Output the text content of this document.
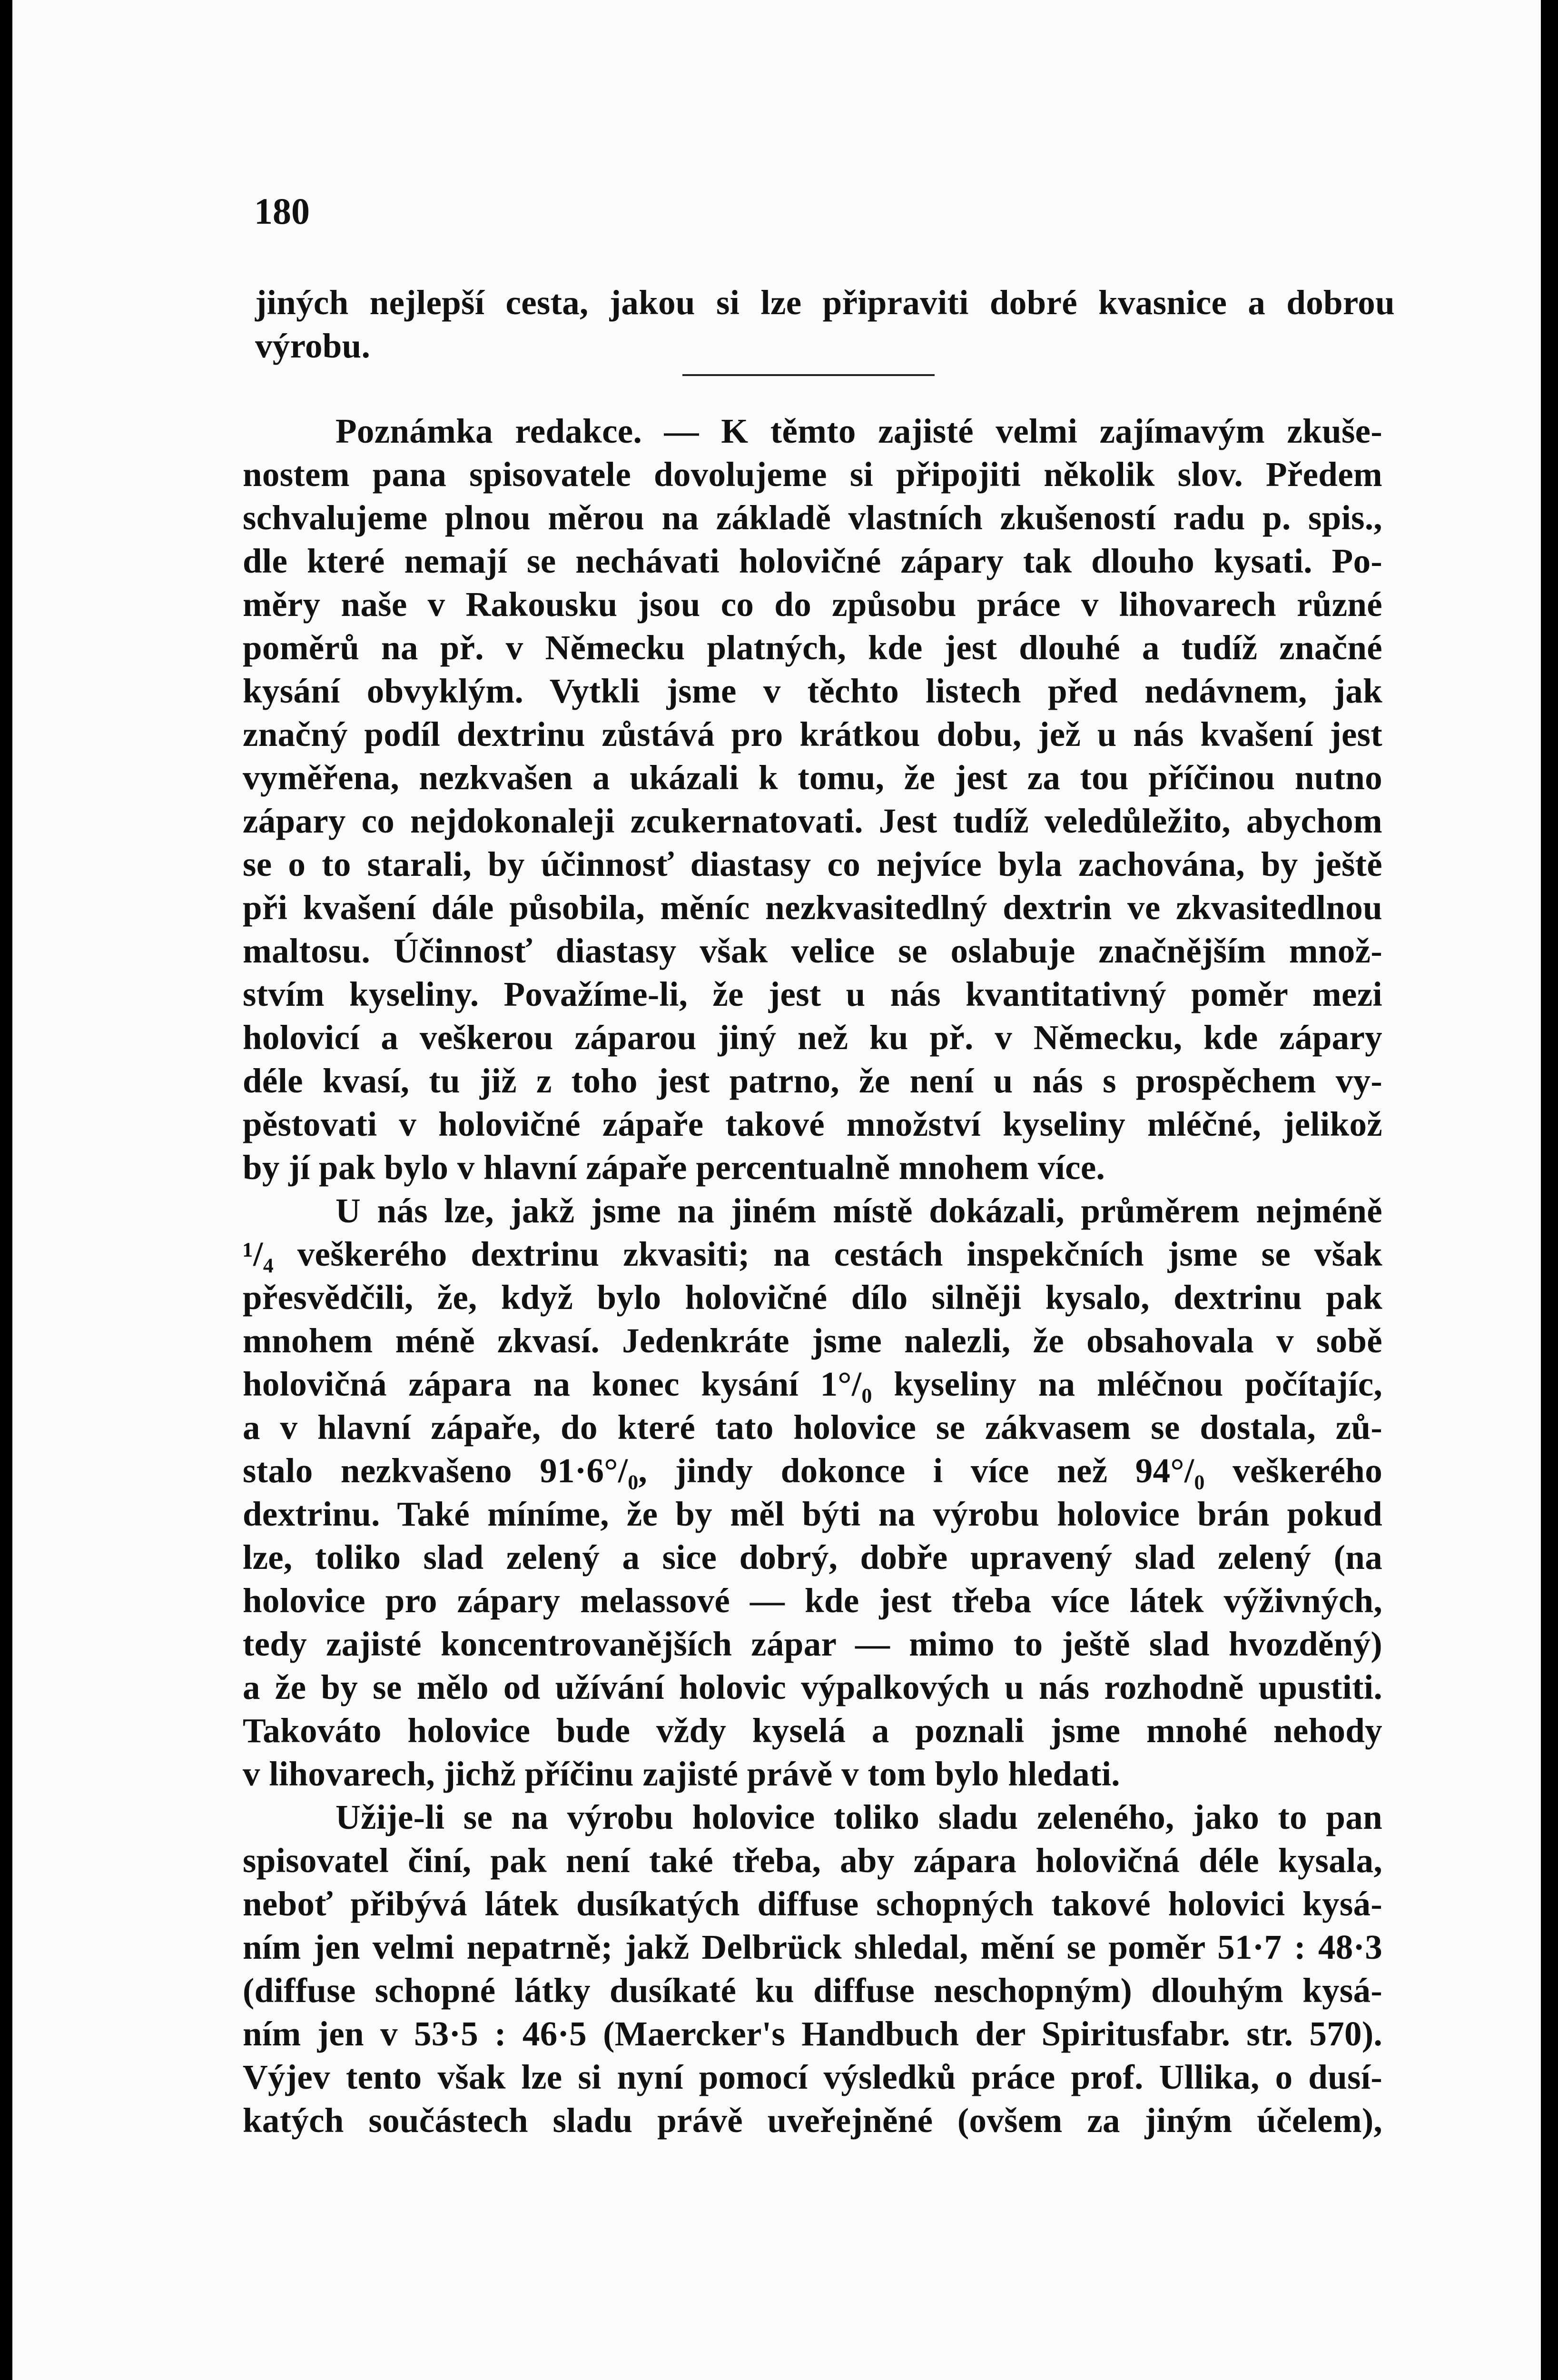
180
jiných nejlepší cesta, jakou si lze připraviti dobré kvasnice a dobrou
výrobu.
Poznámka redakce. — K těmto zajisté velmi zajímavým zkuše-
nostem pana spisovatele dovolujeme si připojiti několik slov. Předem
schvalujeme plnou měrou na základě vlastních zkušeností radu p. spis.,
dle které nemají se nechávati holovičné zápary tak dlouho kysati. Po-
měry naše v Rakousku jsou co do způsobu práce v lihovarech různé
poměrů na př. v Německu platných, kde jest dlouhé a tudíž značné
kysání obvyklým. Vytkli jsme v těchto listech před nedávnem, jak
značný podíl dextrinu zůstává pro krátkou dobu, jež u nás kvašení jest
vyměřena, nezkvašen a ukázali k tomu, že jest za tou příčinou nutno
zápary co nejdokonaleji zcukernatovati. Jest tudíž veledůležito, abychom
se o to starali, by účinnosť diastasy co nejvíce byla zachována, by ještě
při kvašení dále působila, měníc nezkvasitedlný dextrin ve zkvasitedlnou
maltosu. Účinnosť diastasy však velice se oslabuje značnějším množ-
stvím kyseliny. Považíme-li, že jest u nás kvantitativný poměr mezi
holovicí a veškerou záparou jiný než ku př. v Německu, kde zápary
déle kvasí, tu již z toho jest patrno, že není u nás s prospěchem vy-
pěstovati v holovičné zápaře takové množství kyseliny mléčné, jelikož
by jí pak bylo v hlavní zápaře percentualně mnohem více.
U nás lze, jakž jsme na jiném místě dokázali, průměrem nejméně
¹/₄ veškerého dextrinu zkvasiti; na cestách inspekčních jsme se však
přesvědčili, že, když bylo holovičné dílo silněji kysalo, dextrinu pak
mnohem méně zkvasí. Jedenkráte jsme nalezli, že obsahovala v sobě
holovičná zápara na konec kysání 1°/₀ kyseliny na mléčnou počítajíc,
a v hlavní zápaře, do které tato holovice se zákvasem se dostala, zů-
stalo nezkvašeno 91·6°/₀, jindy dokonce i více než 94°/₀ veškerého
dextrinu. Také míníme, že by měl býti na výrobu holovice brán pokud
lze, toliko slad zelený a sice dobrý, dobře upravený slad zelený (na
holovice pro zápary melassové — kde jest třeba více látek výživných,
tedy zajisté koncentrovanějších zápar — mimo to ještě slad hvozděný)
a že by se mělo od užívání holovic výpalkových u nás rozhodně upustiti.
Takováto holovice bude vždy kyselá a poznali jsme mnohé nehody
v lihovarech, jichž příčinu zajisté právě v tom bylo hledati.
Užije-li se na výrobu holovice toliko sladu zeleného, jako to pan
spisovatel činí, pak není také třeba, aby zápara holovičná déle kysala,
neboť přibývá látek dusíkatých diffuse schopných takové holovici kysá-
ním jen velmi nepatrně; jakž Delbrück shledal, mění se poměr 51·7 : 48·3
(diffuse schopné látky dusíkaté ku diffuse neschopným) dlouhým kysá-
ním jen v 53·5 : 46·5 (Maercker's Handbuch der Spiritusfabr. str. 570).
Výjev tento však lze si nyní pomocí výsledků práce prof. Ullika, o dusí-
katých součástech sladu právě uveřejněné (ovšem za jiným účelem),
